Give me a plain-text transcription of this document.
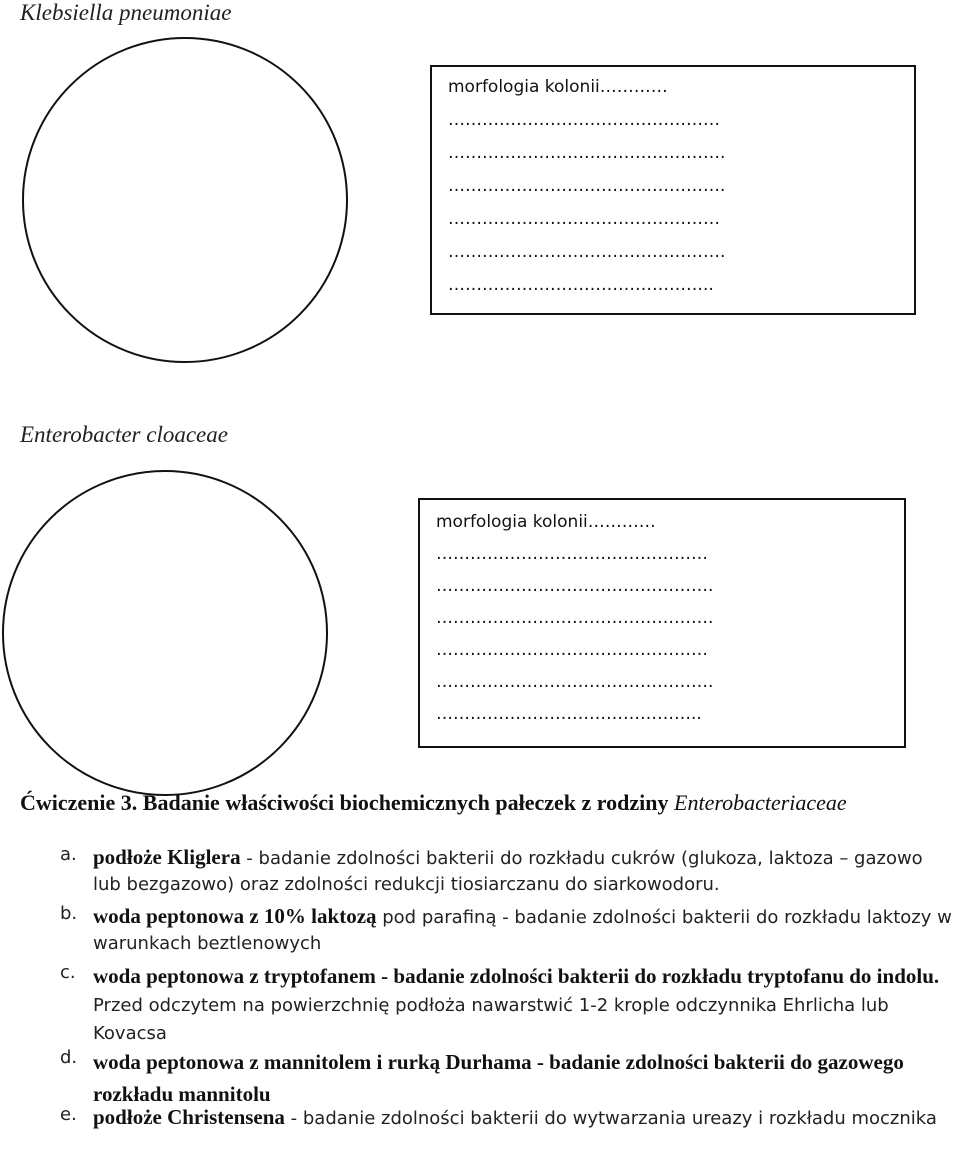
Klebsiella pneumoniae
morfologia kolonii…………
…………………………………………
………………………………………….
………………………………………….
…………………………………………
………………………………………….
………………………………………..
Enterobacter cloaceae
morfologia kolonii…………
…………………………………………
………………………………………….
………………………………………….
…………………………………………
………………………………………….
………………………………………..
Ćwiczenie 3. Badanie właściwości biochemicznych pałeczek z rodziny Enterobacteriaceae
a. podłoże Kliglera - badanie zdolności bakterii do rozkładu cukrów (glukoza, laktoza – gazowo lub bezgazowo) oraz zdolności redukcji tiosiarczanu do siarkowodoru.
b. woda peptonowa z 10% laktozą pod parafiną - badanie zdolności bakterii do rozkładu laktozy w warunkach beztlenowych
c. woda peptonowa z tryptofanem - badanie zdolności bakterii do rozkładu tryptofanu do indolu. Przed odczytem na powierzchnię podłoża nawarstwić 1-2 krople odczynnika Ehrlicha lub Kovacsa
d. woda peptonowa z mannitolem i rurką Durhama - badanie zdolności bakterii do gazowego rozkładu mannitolu
e. podłoże Christensena - badanie zdolności bakterii do wytwarzania ureazy i rozkładu mocznika
